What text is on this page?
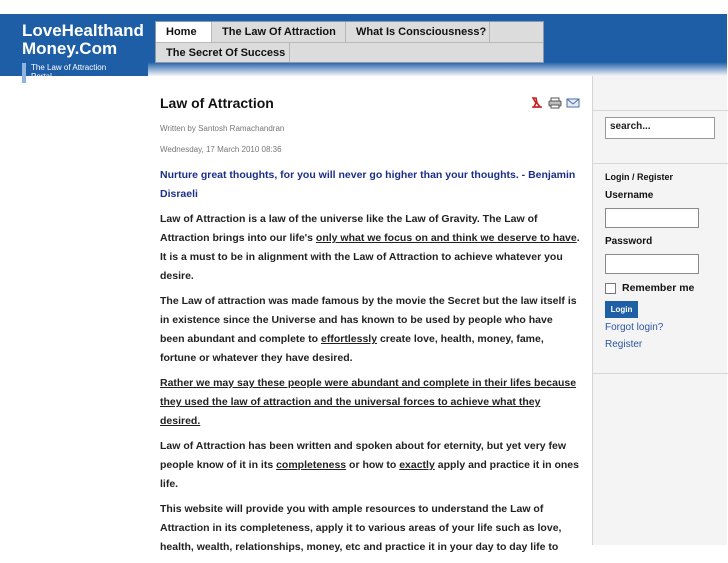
LoveHealthand
Money.Com
The Law of Attraction
Portal
Home	The Law Of Attraction	What Is Consciousness?
The Secret Of Success
Law of Attraction
Written by Santosh Ramachandran
Wednesday, 17 March 2010 08:36

Nurture great thoughts, for you will never go higher than your thoughts. - Benjamin Disraeli

Law of Attraction is a law of the universe like the Law of Gravity. The Law of Attraction brings into our life's only what we focus on and think we deserve to have. It is a must to be in alignment with the Law of Attraction to achieve whatever you desire.

The Law of attraction was made famous by the movie the Secret but the law itself is in existence since the Universe and has known to be used by people who have been abundant and complete to effortlessly create love, health, money, fame, fortune or whatever they have desired.

Rather we may say these people were abundant and complete in their lifes because they used the law of attraction and the universal forces to achieve what they desired.

Law of Attraction has been written and spoken about for eternity, but yet very few people know of it in its completeness or how to exactly apply and practice it in ones life.

This website will provide you with ample resources to understand the Law of Attraction in its completeness, apply it to various areas of your life such as love, health, wealth, relationships, money, etc and practice it in your day to day life to

search...
Login / Register
Username
Password
Remember me
Login
Forgot login?
Register
